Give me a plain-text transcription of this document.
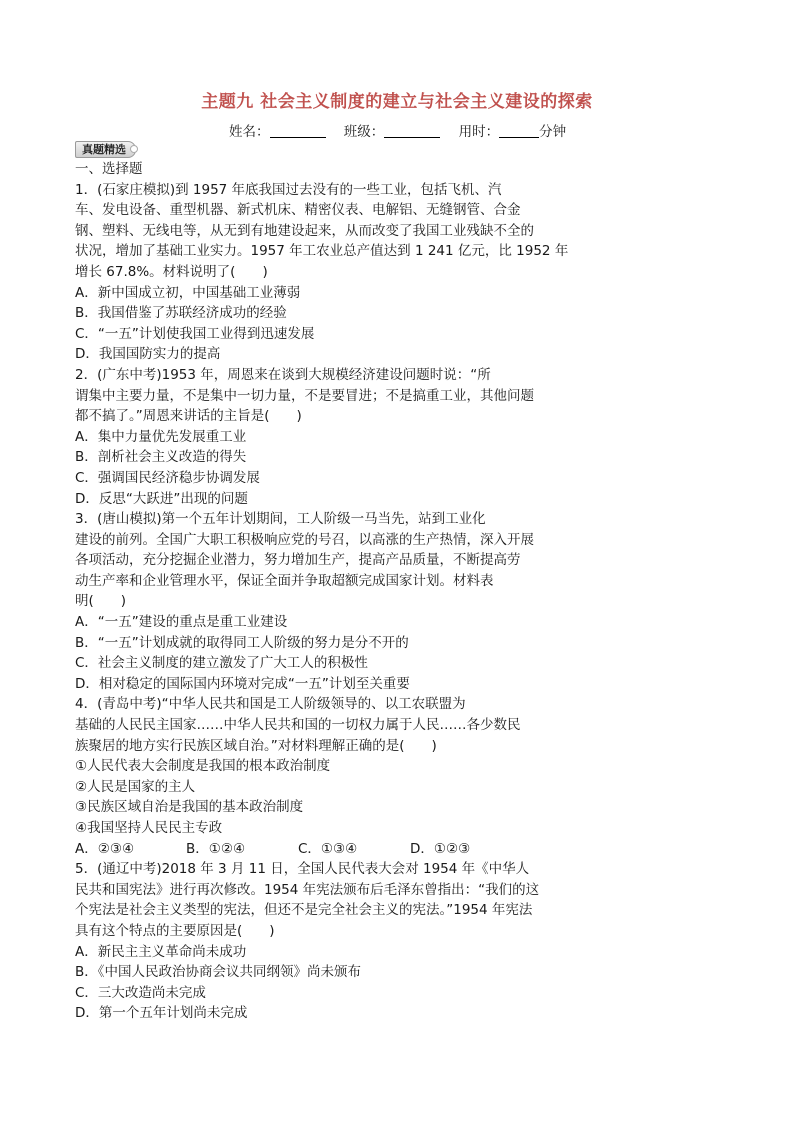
主题九 社会主义制度的建立与社会主义建设的探索
姓名：	班级：	用时：	分钟
真题精选
一、选择题
1．(石家庄模拟)到 1957 年底我国过去没有的一些工业，包括飞机、汽
车、发电设备、重型机器、新式机床、精密仪表、电解铝、无缝钢管、合金
钢、塑料、无线电等，从无到有地建设起来，从而改变了我国工业残缺不全的
状况，增加了基础工业实力。1957 年工农业总产值达到 1 241 亿元，比 1952 年
增长 67.8%。材料说明了(　　)
A．新中国成立初，中国基础工业薄弱
B．我国借鉴了苏联经济成功的经验
C．“一五”计划使我国工业得到迅速发展
D．我国国防实力的提高
2．(广东中考)1953 年，周恩来在谈到大规模经济建设问题时说：“所
谓集中主要力量，不是集中一切力量，不是要冒进；不是搞重工业，其他问题
都不搞了。”周恩来讲话的主旨是(　　)
A．集中力量优先发展重工业
B．剖析社会主义改造的得失
C．强调国民经济稳步协调发展
D．反思“大跃进”出现的问题
3．(唐山模拟)第一个五年计划期间，工人阶级一马当先，站到工业化
建设的前列。全国广大职工积极响应党的号召，以高涨的生产热情，深入开展
各项活动，充分挖掘企业潜力，努力增加生产，提高产品质量，不断提高劳
动生产率和企业管理水平，保证全面并争取超额完成国家计划。材料表
明(　　)
A．“一五”建设的重点是重工业建设
B．“一五”计划成就的取得同工人阶级的努力是分不开的
C．社会主义制度的建立激发了广大工人的积极性
D．相对稳定的国际国内环境对完成“一五”计划至关重要
4．(青岛中考)“中华人民共和国是工人阶级领导的、以工农联盟为
基础的人民民主国家……中华人民共和国的一切权力属于人民……各少数民
族聚居的地方实行民族区域自治。”对材料理解正确的是(　　)
①人民代表大会制度是我国的根本政治制度
②人民是国家的主人
③民族区域自治是我国的基本政治制度
④我国坚持人民民主专政
A．②③④	B．①②④	C．①③④	D．①②③
5．(通辽中考)2018 年 3 月 11 日，全国人民代表大会对 1954 年《中华人
民共和国宪法》进行再次修改。1954 年宪法颁布后毛泽东曾指出：“我们的这
个宪法是社会主义类型的宪法，但还不是完全社会主义的宪法。”1954 年宪法
具有这个特点的主要原因是(　　)
A．新民主主义革命尚未成功
B．《中国人民政治协商会议共同纲领》尚未颁布
C．三大改造尚未完成
D．第一个五年计划尚未完成
